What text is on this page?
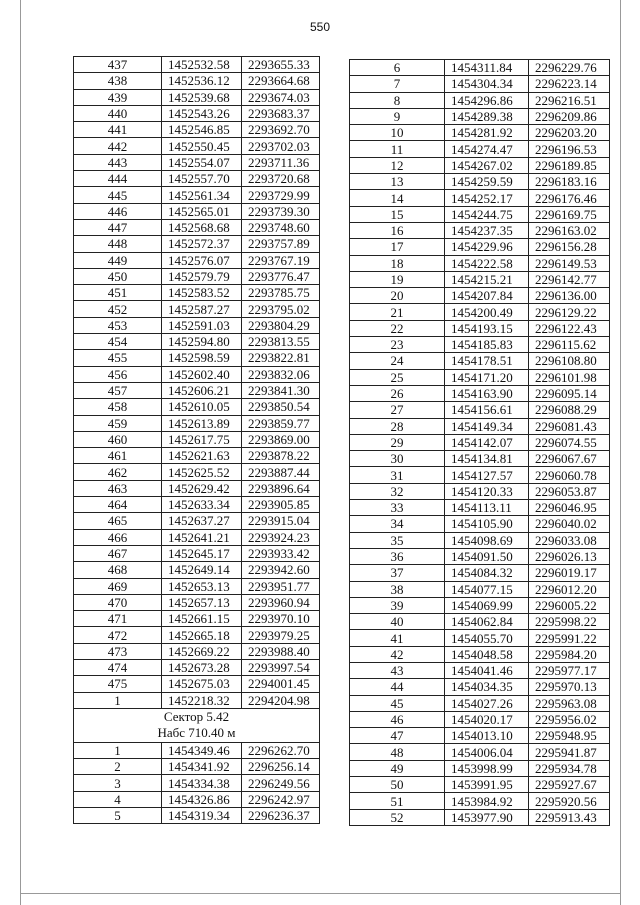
550
437	1452532.58	2293655.33
438	1452536.12	2293664.68
439	1452539.68	2293674.03
440	1452543.26	2293683.37
441	1452546.85	2293692.70
442	1452550.45	2293702.03
443	1452554.07	2293711.36
444	1452557.70	2293720.68
445	1452561.34	2293729.99
446	1452565.01	2293739.30
447	1452568.68	2293748.60
448	1452572.37	2293757.89
449	1452576.07	2293767.19
450	1452579.79	2293776.47
451	1452583.52	2293785.75
452	1452587.27	2293795.02
453	1452591.03	2293804.29
454	1452594.80	2293813.55
455	1452598.59	2293822.81
456	1452602.40	2293832.06
457	1452606.21	2293841.30
458	1452610.05	2293850.54
459	1452613.89	2293859.77
460	1452617.75	2293869.00
461	1452621.63	2293878.22
462	1452625.52	2293887.44
463	1452629.42	2293896.64
464	1452633.34	2293905.85
465	1452637.27	2293915.04
466	1452641.21	2293924.23
467	1452645.17	2293933.42
468	1452649.14	2293942.60
469	1452653.13	2293951.77
470	1452657.13	2293960.94
471	1452661.15	2293970.10
472	1452665.18	2293979.25
473	1452669.22	2293988.40
474	1452673.28	2293997.54
475	1452675.03	2294001.45
1	1452218.32	2294204.98

Сектор 5.42
Набс 710.40 м		

1	1454349.46	2296262.70
2	1454341.92	2296256.14
3	1454334.38	2296249.56
4	1454326.86	2296242.97
5	1454319.34	2296236.37
6	1454311.84	2296229.76
7	1454304.34	2296223.14
8	1454296.86	2296216.51
9	1454289.38	2296209.86
10	1454281.92	2296203.20
11	1454274.47	2296196.53
12	1454267.02	2296189.85
13	1454259.59	2296183.16
14	1454252.17	2296176.46
15	1454244.75	2296169.75
16	1454237.35	2296163.02
17	1454229.96	2296156.28
18	1454222.58	2296149.53
19	1454215.21	2296142.77
20	1454207.84	2296136.00
21	1454200.49	2296129.22
22	1454193.15	2296122.43
23	1454185.83	2296115.62
24	1454178.51	2296108.80
25	1454171.20	2296101.98
26	1454163.90	2296095.14
27	1454156.61	2296088.29
28	1454149.34	2296081.43
29	1454142.07	2296074.55
30	1454134.81	2296067.67
31	1454127.57	2296060.78
32	1454120.33	2296053.87
33	1454113.11	2296046.95
34	1454105.90	2296040.02
35	1454098.69	2296033.08
36	1454091.50	2296026.13
37	1454084.32	2296019.17
38	1454077.15	2296012.20
39	1454069.99	2296005.22
40	1454062.84	2295998.22
41	1454055.70	2295991.22
42	1454048.58	2295984.20
43	1454041.46	2295977.17
44	1454034.35	2295970.13
45	1454027.26	2295963.08
46	1454020.17	2295956.02
47	1454013.10	2295948.95
48	1454006.04	2295941.87
49	1453998.99	2295934.78
50	1453991.95	2295927.67
51	1453984.92	2295920.56
52	1453977.90	2295913.43
